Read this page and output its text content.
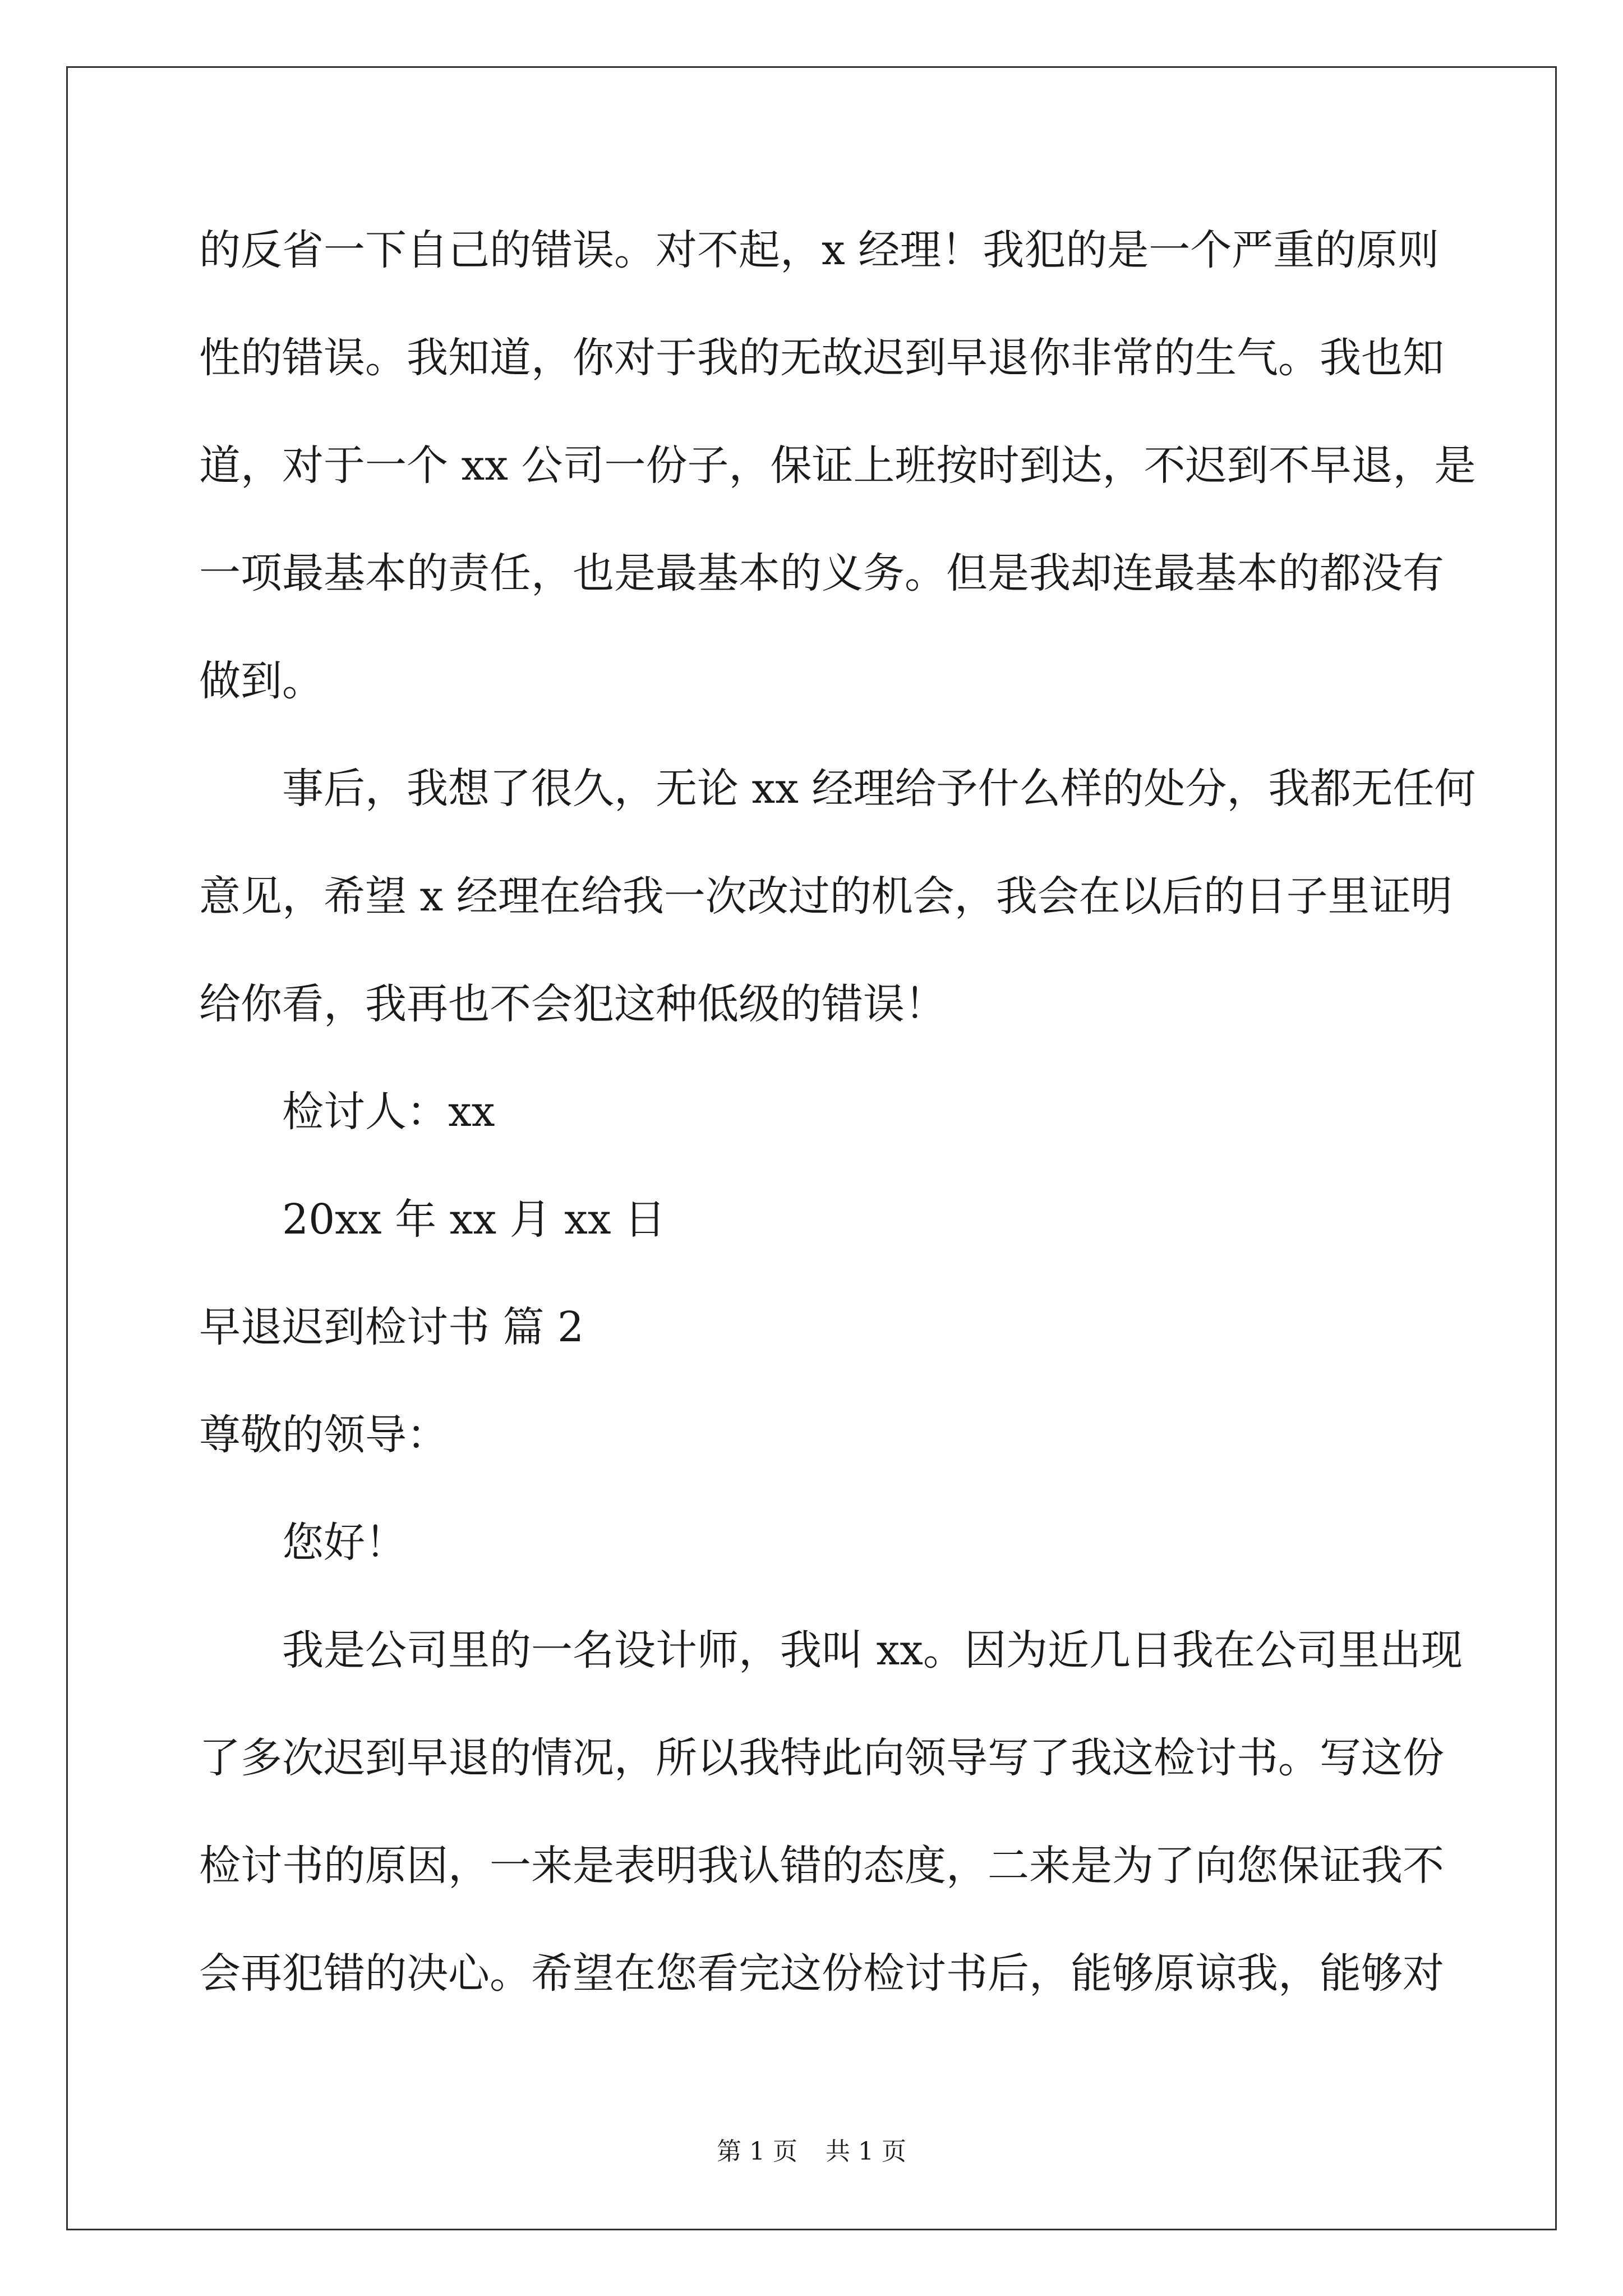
的反省一下自己的错误。对不起，x 经理！我犯的是一个严重的原则
性的错误。我知道，你对于我的无故迟到早退你非常的生气。我也知
道，对于一个 xx 公司一份子，保证上班按时到达，不迟到不早退，是
一项最基本的责任，也是最基本的义务。但是我却连最基本的都没有
做到。
事后，我想了很久，无论 xx 经理给予什么样的处分，我都无任何
意见，希望 x 经理在给我一次改过的机会，我会在以后的日子里证明
给你看，我再也不会犯这种低级的错误！
检讨人：xx
20xx 年 xx 月 xx 日
早退迟到检讨书 篇 2
尊敬的领导：
您好！
我是公司里的一名设计师，我叫 xx。因为近几日我在公司里出现
了多次迟到早退的情况，所以我特此向领导写了我这检讨书。写这份
检讨书的原因，一来是表明我认错的态度，二来是为了向您保证我不
会再犯错的决心。希望在您看完这份检讨书后，能够原谅我，能够对
第 1 页 共 1 页
